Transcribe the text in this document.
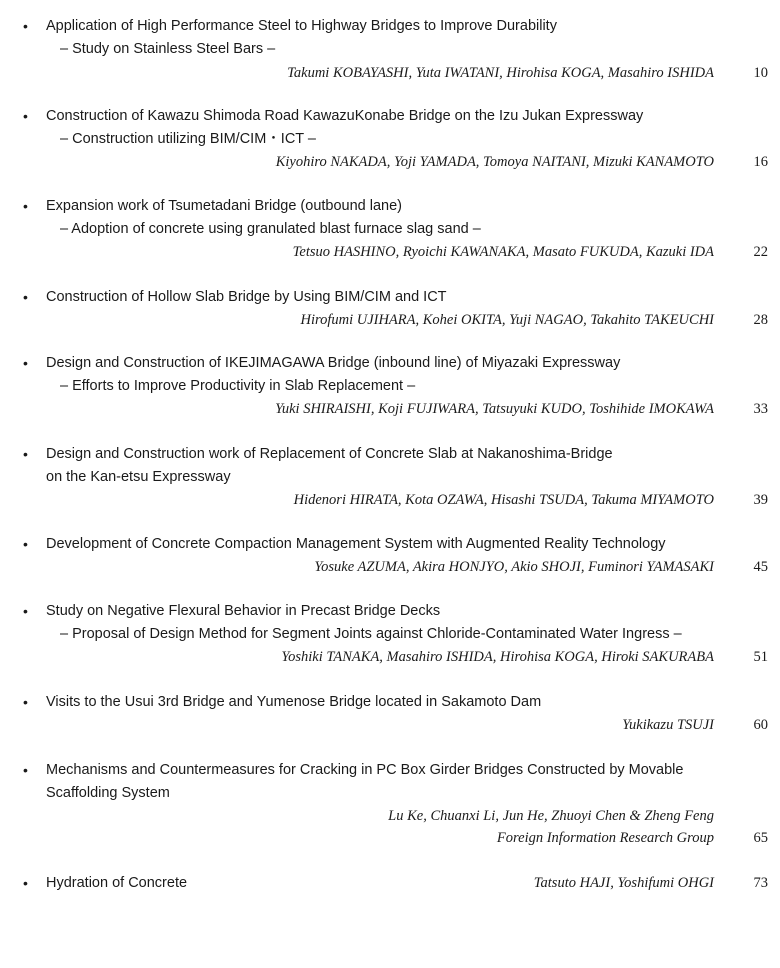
• Application of High Performance Steel to Highway Bridges to Improve Durability
– Study on Stainless Steel Bars –
Takumi KOBAYASHI, Yuta IWATANI, Hirohisa KOGA, Masahiro ISHIDA	10
• Construction of Kawazu Shimoda Road KawazuKonabe Bridge on the Izu Jukan Expressway
– Construction utilizing BIM/CIM・ICT –
Kiyohiro NAKADA, Yoji YAMADA, Tomoya NAITANI, Mizuki KANAMOTO	16
• Expansion work of Tsumetadani Bridge (outbound lane)
– Adoption of concrete using granulated blast furnace slag sand –
Tetsuo HASHINO, Ryoichi KAWANAKA, Masato FUKUDA, Kazuki IDA	22
• Construction of Hollow Slab Bridge by Using BIM/CIM and ICT
Hirofumi UJIHARA, Kohei OKITA, Yuji NAGAO, Takahito TAKEUCHI	28
• Design and Construction of IKEJIMAGAWA Bridge (inbound line) of Miyazaki Expressway
– Efforts to Improve Productivity in Slab Replacement –
Yuki SHIRAISHI, Koji FUJIWARA, Tatsuyuki KUDO, Toshihide IMOKAWA	33
• Design and Construction work of Replacement of Concrete Slab at Nakanoshima-Bridge
on the Kan-etsu Expressway
Hidenori HIRATA, Kota OZAWA, Hisashi TSUDA, Takuma MIYAMOTO	39
• Development of Concrete Compaction Management System with Augmented Reality Technology
Yosuke AZUMA, Akira HONJYO, Akio SHOJI, Fuminori YAMASAKI	45
• Study on Negative Flexural Behavior in Precast Bridge Decks
– Proposal of Design Method for Segment Joints against Chloride-Contaminated Water Ingress –
Yoshiki TANAKA, Masahiro ISHIDA, Hirohisa KOGA, Hiroki SAKURABA	51
• Visits to the Usui 3rd Bridge and Yumenose Bridge located in Sakamoto Dam
Yukikazu TSUJI	60
• Mechanisms and Countermeasures for Cracking in PC Box Girder Bridges Constructed by Movable
Scaffolding System
Lu Ke, Chuanxi Li, Jun He, Zhuoyi Chen & Zheng Feng
Foreign Information Research Group	65
• Hydration of Concrete	Tatsuto HAJI, Yoshifumi OHGI	73
